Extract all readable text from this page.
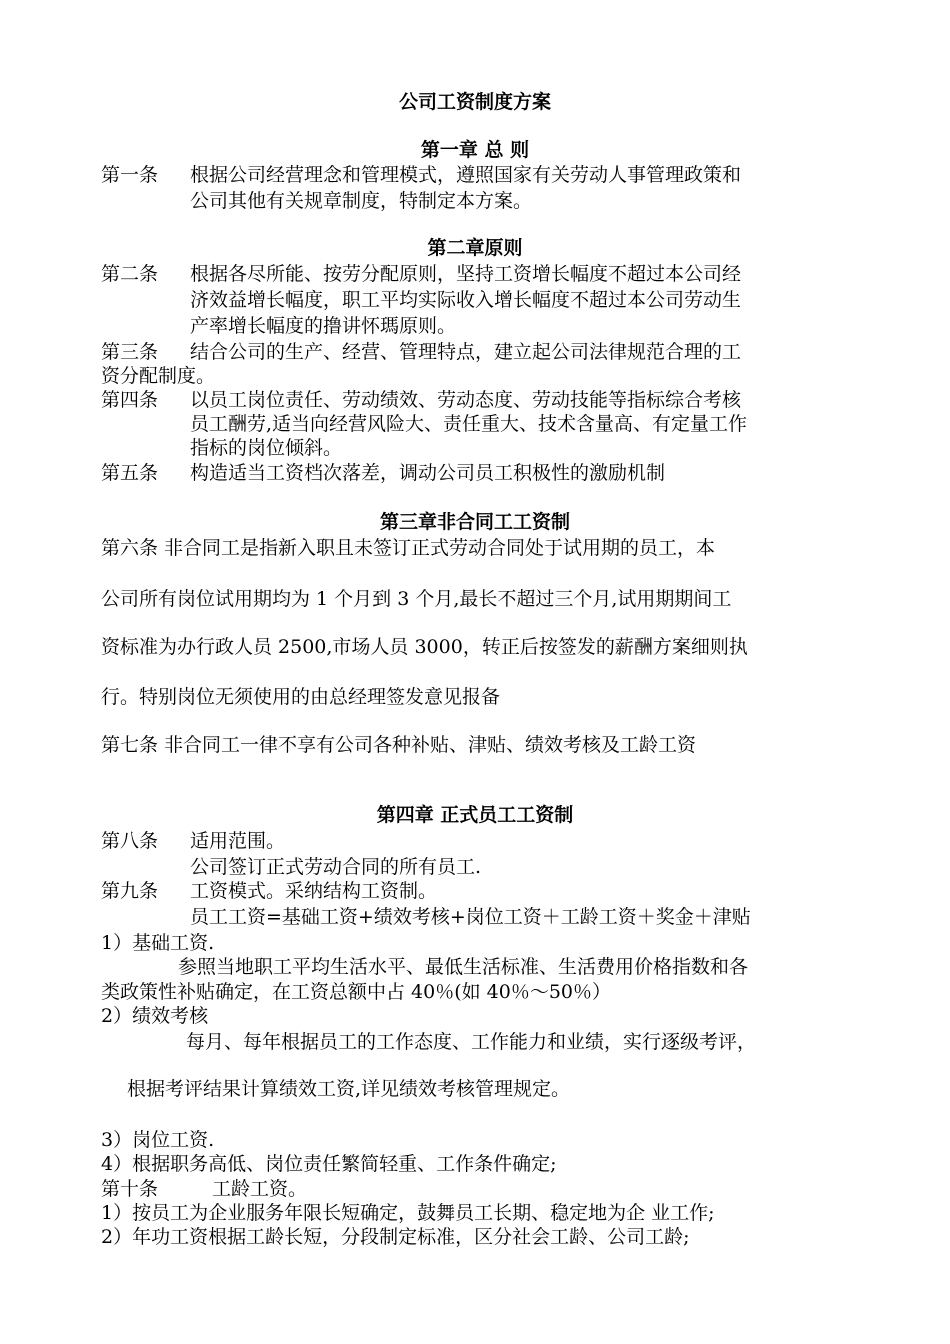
公司工资制度方案
第一章 总 则
第一条 根据公司经营理念和管理模式，遵照国家有关劳动人事管理政策和
公司其他有关规章制度，特制定本方案。
第二章原则
第二条 根据各尽所能、按劳分配原则，坚持工资增长幅度不超过本公司经
济效益增长幅度，职工平均实际收入增长幅度不超过本公司劳动生
产率增长幅度的撸讲怀瑪原则。
第三条 结合公司的生产、经营、管理特点，建立起公司法律规范合理的工
资分配制度。
第四条 以员工岗位责任、劳动绩效、劳动态度、劳动技能等指标综合考核
员工酬劳,适当向经营风险大、责任重大、技术含量高、有定量工作
指标的岗位倾斜。
第五条 构造适当工资档次落差，调动公司员工积极性的激励机制
第三章非合同工工资制
第六条 非合同工是指新入职且未签订正式劳动合同处于试用期的员工，本
公司所有岗位试用期均为 1 个月到 3 个月,最长不超过三个月,试用期期间工
资标准为办行政人员 2500,市场人员 3000，转正后按签发的薪酬方案细则执
行。特别岗位无须使用的由总经理签发意见报备
第七条 非合同工一律不享有公司各种补贴、津贴、绩效考核及工龄工资
第四章 正式员工工资制
第八条 适用范围。
公司签订正式劳动合同的所有员工.
第九条 工资模式。采纳结构工资制。
员工工资=基础工资+绩效考核+岗位工资＋工龄工资＋奖金＋津贴
1）基础工资.
参照当地职工平均生活水平、最低生活标准、生活费用价格指数和各
类政策性补贴确定，在工资总额中占 40％(如 40％～50％）
2）绩效考核
每月、每年根据员工的工作态度、工作能力和业绩，实行逐级考评，
根据考评结果计算绩效工资,详见绩效考核管理规定。
3）岗位工资.
4）根据职务高低、岗位责任繁简轻重、工作条件确定;
第十条	工龄工资。
1）按员工为企业服务年限长短确定，鼓舞员工长期、稳定地为企 业工作;
2）年功工资根据工龄长短，分段制定标准，区分社会工龄、公司工龄;
